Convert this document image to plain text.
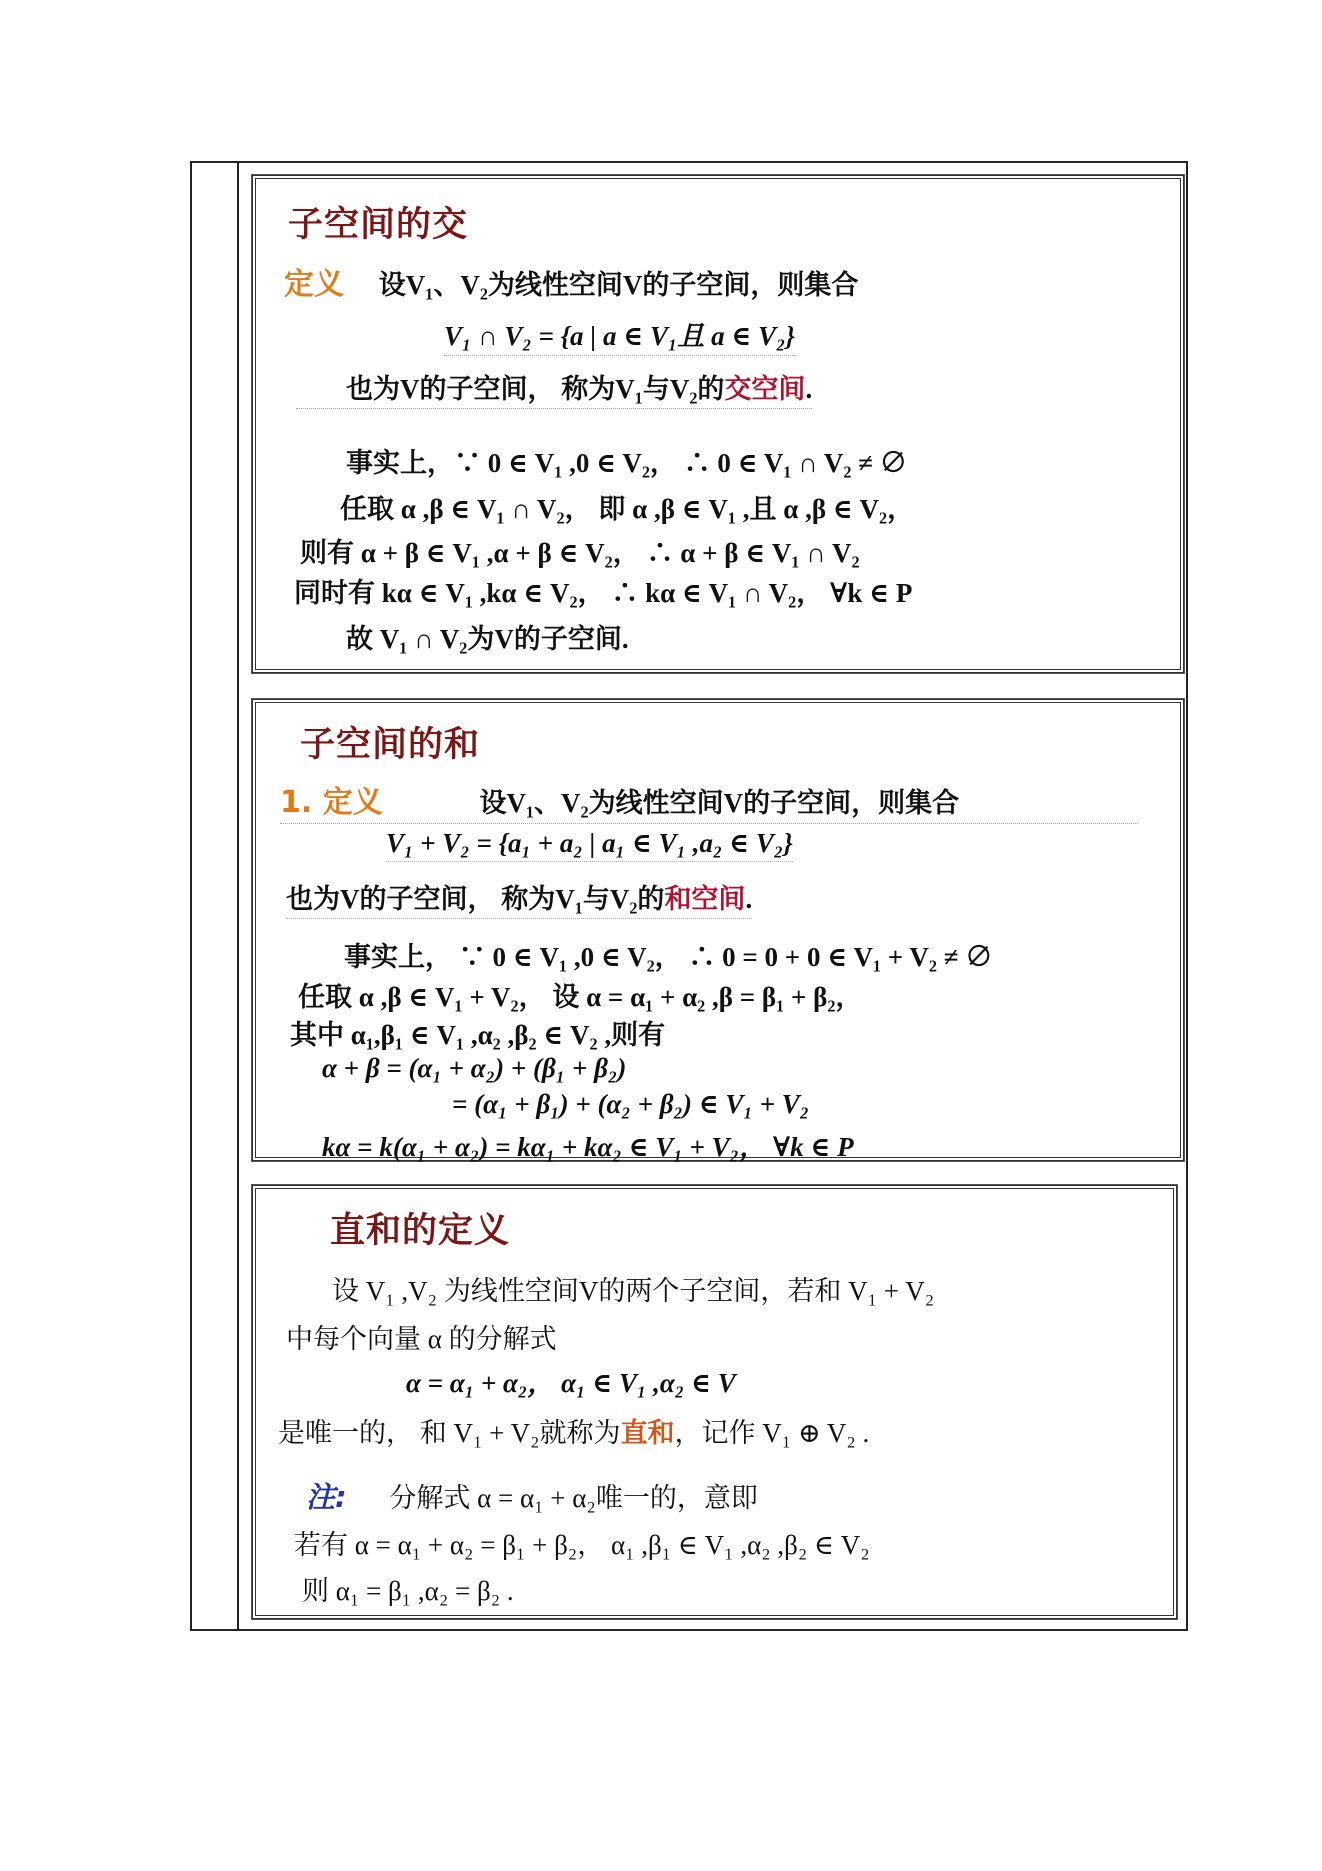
子空间的交
定义 设V₁、V₂为线性空间V的子空间，则集合
V₁ ∩ V₂ = {a | a ∈ V₁且 a ∈ V₂}
也为V的子空间， 称为V₁与V₂的交空间.
事实上，∵ 0 ∈ V₁ ,0 ∈ V₂， ∴ 0 ∈ V₁ ∩ V₂ ≠ ∅
任取 α ,β ∈ V₁ ∩ V₂， 即 α ,β ∈ V₁ ,且 α ,β ∈ V₂，
则有 α + β ∈ V₁ ,α + β ∈ V₂， ∴ α + β ∈ V₁ ∩ V₂
同时有 kα ∈ V₁ ,kα ∈ V₂， ∴ kα ∈ V₁ ∩ V₂， ∀k ∈ P
故 V₁ ∩ V₂为V的子空间.
子空间的和
1. 定义	设V₁、V₂为线性空间V的子空间，则集合
V₁ + V₂ = {a₁ + a₂ | a₁ ∈ V₁ ,a₂ ∈ V₂}
也为V的子空间， 称为V₁与V₂的和空间.
事实上， ∵ 0 ∈ V₁ ,0 ∈ V₂， ∴ 0 = 0 + 0 ∈ V₁ + V₂ ≠ ∅
任取 α ,β ∈ V₁ + V₂， 设 α = α₁ + α₂ ,β = β₁ + β₂，
其中 α₁,β₁ ∈ V₁ ,α₂ ,β₂ ∈ V₂ ,则有
α + β = (α₁ + α₂) + (β₁ + β₂)
= (α₁ + β₁) + (α₂ + β₂) ∈ V₁ + V₂
kα = k(α₁ + α₂) = kα₁ + kα₂ ∈ V₁ + V₂， ∀k ∈ P
直和的定义
设 V₁ ,V₂ 为线性空间V的两个子空间，若和 V₁ + V₂
中每个向量 α 的分解式
α = α₁ + α₂， α₁ ∈ V₁ ,α₂ ∈ V
是唯一的， 和 V₁ + V₂就称为直和，记作 V₁ ⊕ V₂ .
注: 分解式 α = α₁ + α₂唯一的，意即
若有 α = α₁ + α₂ = β₁ + β₂， α₁ ,β₁ ∈ V₁ ,α₂ ,β₂ ∈ V₂
则 α₁ = β₁ ,α₂ = β₂ .
